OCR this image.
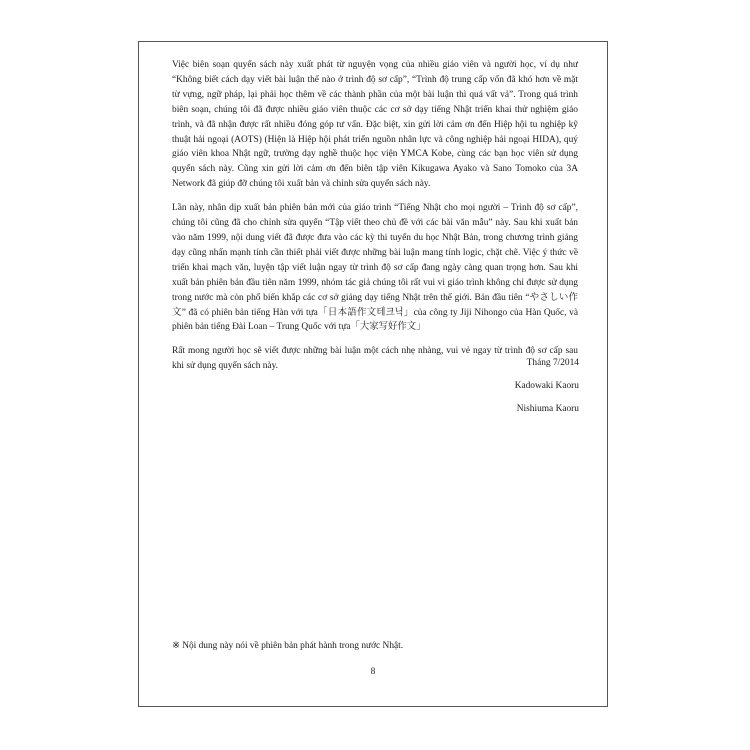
Việc biên soạn quyển sách này xuất phát từ nguyện vọng của nhiều giáo viên và người học, ví dụ như “Không biết cách dạy viết bài luận thế nào ở trình độ sơ cấp”, “Trình độ trung cấp vốn đã khó hơn về mặt từ vựng, ngữ pháp, lại phải học thêm về các thành phần của một bài luận thì quá vất vả”. Trong quá trình biên soạn, chúng tôi đã được nhiều giáo viên thuộc các cơ sở dạy tiếng Nhật triển khai thử nghiệm giáo trình, và đã nhận được rất nhiều đóng góp tư vấn. Đặc biệt, xin gửi lời cảm ơn đến Hiệp hội tu nghiệp kỹ thuật hải ngoại (AOTS) (Hiện là Hiệp hội phát triển nguồn nhân lực và công nghiệp hải ngoại HIDA), quý giáo viên khoa Nhật ngữ, trường dạy nghề thuộc học viện YMCA Kobe, cùng các bạn học viên sử dụng quyển sách này. Cũng xin gửi lời cảm ơn đến biên tập viên Kikugawa Ayako và Sano Tomoko của 3A Network đã giúp đỡ chúng tôi xuất bản và chỉnh sửa quyển sách này.

Lần này, nhân dịp xuất bản phiên bản mới của giáo trình “Tiếng Nhật cho mọi người – Trình độ sơ cấp”, chúng tôi cũng đã cho chỉnh sửa quyển “Tập viết theo chủ đề với các bài văn mẫu” này. Sau khi xuất bản vào năm 1999, nội dung viết đã được đưa vào các kỳ thi tuyển du học Nhật Bản, trong chương trình giảng dạy cũng nhấn mạnh tính cần thiết phải viết được những bài luận mang tính logic, chặt chẽ. Việc ý thức về triển khai mạch văn, luyện tập viết luận ngay từ trình độ sơ cấp đang ngày càng quan trọng hơn. Sau khi xuất bản phiên bản đầu tiên năm 1999, nhóm tác giả chúng tôi rất vui vì giáo trình không chỉ được sử dụng trong nước mà còn phổ biến khắp các cơ sở giảng dạy tiếng Nhật trên thế giới. Bản đầu tiên “やさしい作文” đã có phiên bản tiếng Hàn với tựa「日本語作文테크닉」của công ty Jiji Nihongo của Hàn Quốc, và phiên bản tiếng Đài Loan – Trung Quốc với tựa「大家写好作文」

Rất mong người học sẽ viết được những bài luận một cách nhẹ nhàng, vui vẻ ngay từ trình độ sơ cấp sau khi sử dụng quyển sách này.	Tháng 7/2014
Kadowaki Kaoru
Nishiuma Kaoru
※ Nội dung này nói về phiên bản phát hành trong nước Nhật.
8
